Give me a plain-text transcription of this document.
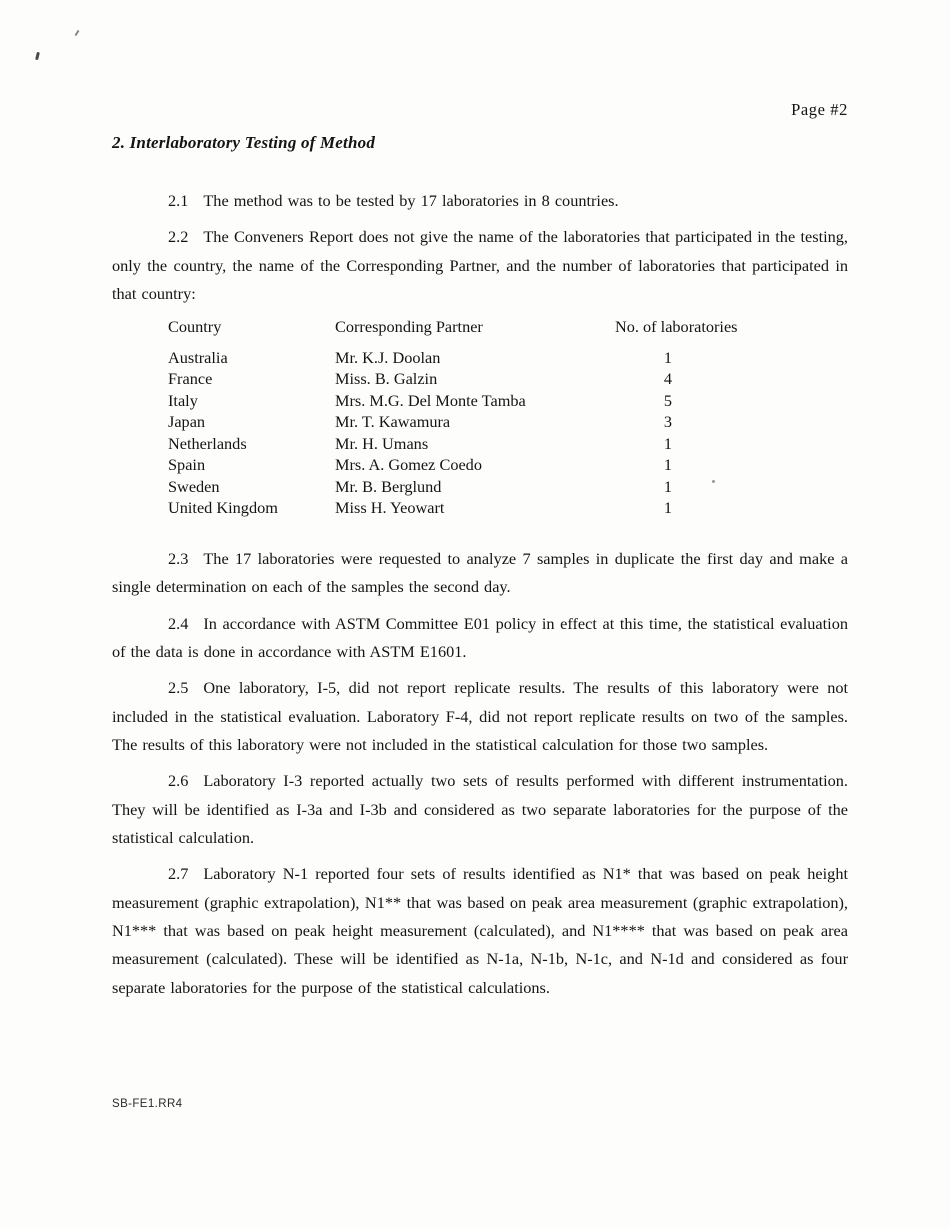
Page #2
2. Interlaboratory Testing of Method

2.1 The method was to be tested by 17 laboratories in 8 countries.

2.2 The Conveners Report does not give the name of the laboratories that participated in the testing, only the country, the name of the Corresponding Partner, and the number of laboratories that participated in that country:

Country	Corresponding Partner	No. of laboratories
Australia	Mr. K.J. Doolan	1
France	Miss. B. Galzin	4
Italy	Mrs. M.G. Del Monte Tamba	5
Japan	Mr. T. Kawamura	3
Netherlands	Mr. H. Umans	1
Spain	Mrs. A. Gomez Coedo	1
Sweden	Mr. B. Berglund	1
United Kingdom	Miss H. Yeowart	1

2.3 The 17 laboratories were requested to analyze 7 samples in duplicate the first day and make a single determination on each of the samples the second day.

2.4 In accordance with ASTM Committee E01 policy in effect at this time, the statistical evaluation of the data is done in accordance with ASTM E1601.

2.5 One laboratory, I-5, did not report replicate results. The results of this laboratory were not included in the statistical evaluation. Laboratory F-4, did not report replicate results on two of the samples. The results of this laboratory were not included in the statistical calculation for those two samples.

2.6 Laboratory I-3 reported actually two sets of results performed with different instrumentation. They will be identified as I-3a and I-3b and considered as two separate laboratories for the purpose of the statistical calculation.

2.7 Laboratory N-1 reported four sets of results identified as N1* that was based on peak height measurement (graphic extrapolation), N1** that was based on peak area measurement (graphic extrapolation), N1*** that was based on peak height measurement (calculated), and N1**** that was based on peak area measurement (calculated). These will be identified as N-1a, N-1b, N-1c, and N-1d and considered as four separate laboratories for the purpose of the statistical calculations.

SB-FE1.RR4
